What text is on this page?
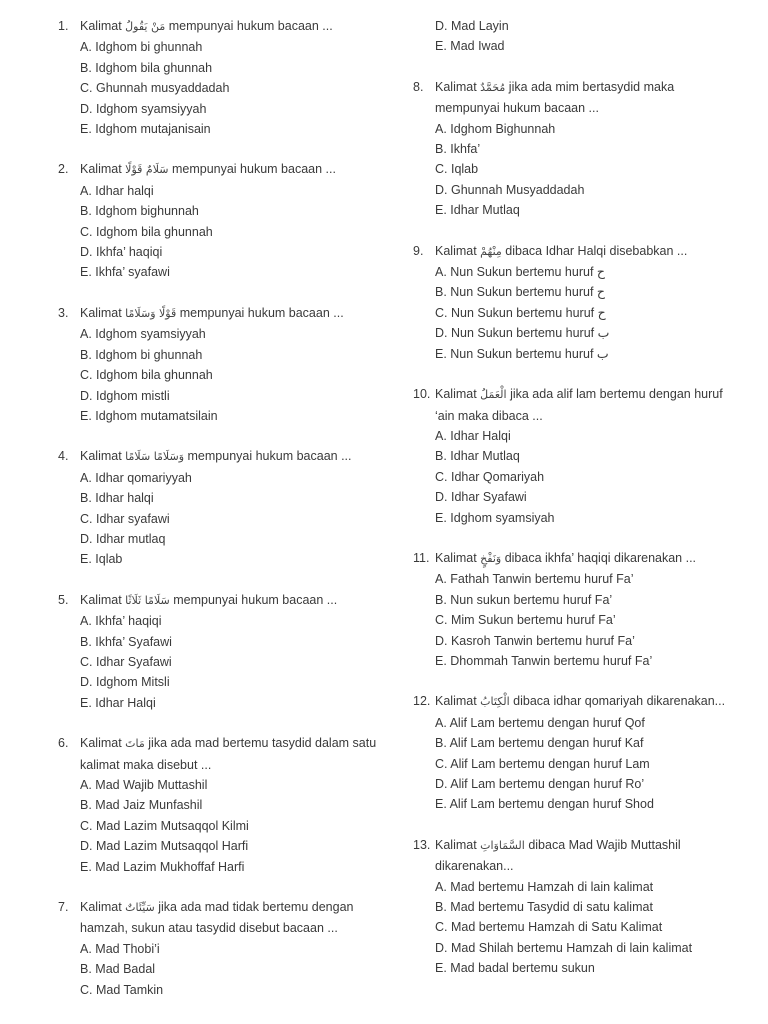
1. Kalimat مَنْ يَقُولُ mempunyai hukum bacaan ...
A. Idghom bi ghunnah
B. Idghom bila ghunnah
C. Ghunnah musyaddadah
D. Idghom syamsiyyah
E. Idghom mutajanisain
2. Kalimat سَلَامٌ قَوْلًا mempunyai hukum bacaan ...
A. Idhar halqi
B. Idghom bighunnah
C. Idghom bila ghunnah
D. Ikhfa’ haqiqi
E. Ikhfa’ syafawi
3. Kalimat قَوْلًا وَسَلَامًا mempunyai hukum bacaan ...
A. Idghom syamsiyyah
B. Idghom bi ghunnah
C. Idghom bila ghunnah
D. Idghom mistli
E. Idghom mutamatsilain
4. Kalimat وَسَلَامًا سَلَامًا mempunyai hukum bacaan ...
A. Idhar qomariyyah
B. Idhar halqi
C. Idhar syafawi
D. Idhar mutlaq
E. Iqlab
5. Kalimat سَلَامًا ثَلَاثًا mempunyai hukum bacaan ...
A. Ikhfa’ haqiqi
B. Ikhfa’ Syafawi
C. Idhar Syafawi
D. Idghom Mitsli
E. Idhar Halqi
6. Kalimat مَاتَ jika ada mad bertemu tasydid dalam satu
kalimat maka disebut ...
A. Mad Wajib Muttashil
B. Mad Jaiz Munfashil
C. Mad Lazim Mutsaqqol Kilmi
D. Mad Lazim Mutsaqqol Harfi
E. Mad Lazim Mukhoffaf Harfi
7. Kalimat سَيِّئَاتٌ jika ada mad tidak bertemu dengan
hamzah, sukun atau tasydid disebut bacaan ...
A. Mad Thobi’i
B. Mad Badal
C. Mad Tamkin
D. Mad Layin
E. Mad Iwad
8. Kalimat مُحَمَّدٌ jika ada mim bertasydid maka
mempunyai hukum bacaan ...
A. Idghom Bighunnah
B. Ikhfa’
C. Iqlab
D. Ghunnah Musyaddadah
E. Idhar Mutlaq
9. Kalimat مِنْهُمْ dibaca Idhar Halqi disebabkan ...
A. Nun Sukun bertemu huruf ح
B. Nun Sukun bertemu huruf ح
C. Nun Sukun bertemu huruf ح
D. Nun Sukun bertemu huruf ب
E. Nun Sukun bertemu huruf ب
10. Kalimat الْعَمَلُ jika ada alif lam bertemu dengan huruf
‘ain maka dibaca ...
A. Idhar Halqi
B. Idhar Mutlaq
C. Idhar Qomariyah
D. Idhar Syafawi
E. Idghom syamsiyah
11. Kalimat وَنَفْخٍ dibaca ikhfa’ haqiqi dikarenakan ...
A. Fathah Tanwin bertemu huruf Fa’
B. Nun sukun bertemu huruf Fa’
C. Mim Sukun bertemu huruf Fa’
D. Kasroh Tanwin bertemu huruf Fa’
E. Dhommah Tanwin bertemu huruf Fa’
12. Kalimat الْكِتَابُ dibaca idhar qomariyah dikarenakan...
A. Alif Lam bertemu dengan huruf Qof
B. Alif Lam bertemu dengan huruf Kaf
C. Alif Lam bertemu dengan huruf Lam
D. Alif Lam bertemu dengan huruf Ro’
E. Alif Lam bertemu dengan huruf Shod
13. Kalimat السَّمَاوَاتِ dibaca Mad Wajib Muttashil
dikarenakan...
A. Mad bertemu Hamzah di lain kalimat
B. Mad bertemu Tasydid di satu kalimat
C. Mad bertemu Hamzah di Satu Kalimat
D. Mad Shilah bertemu Hamzah di lain kalimat
E. Mad badal bertemu sukun
